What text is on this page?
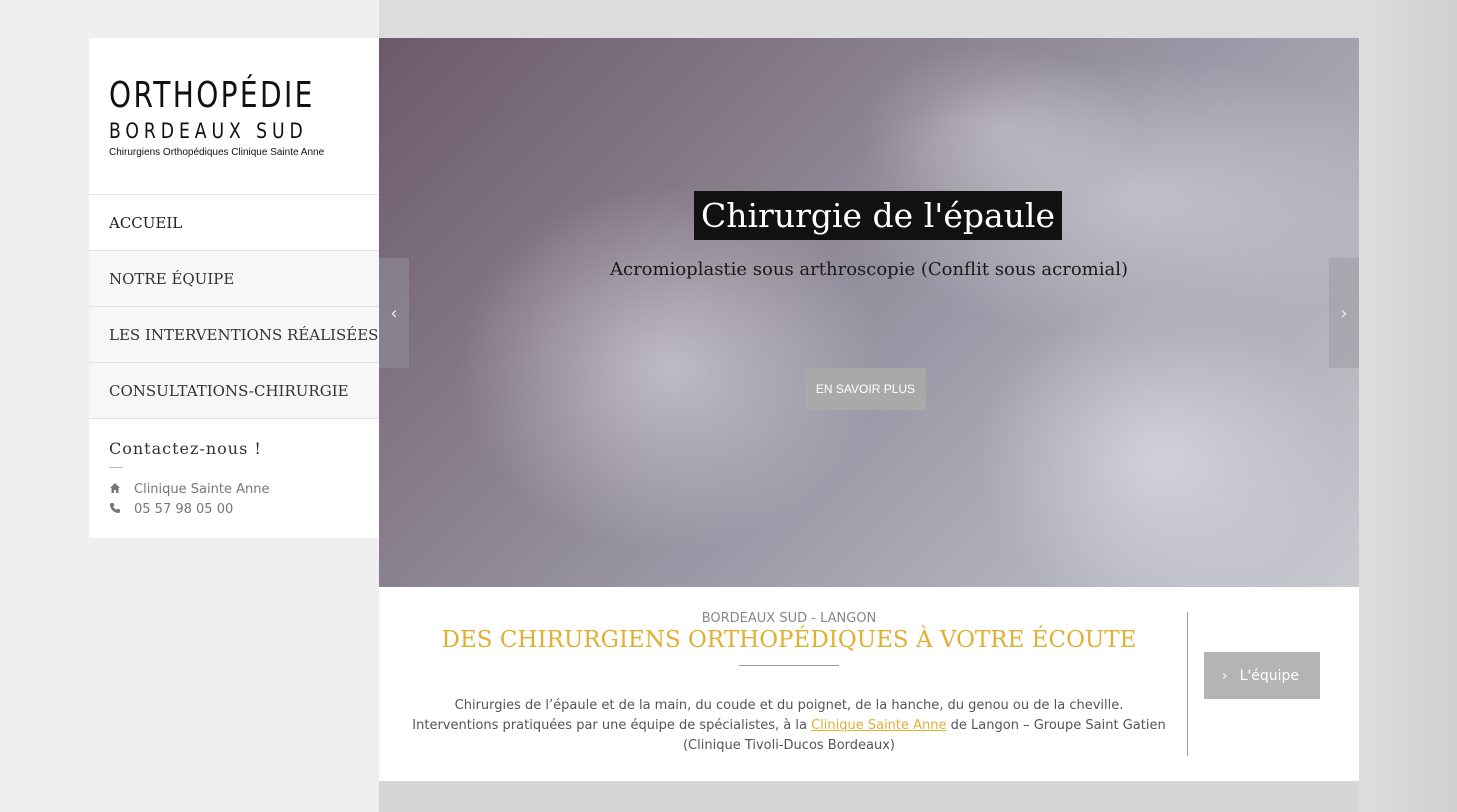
ORTHOPÉDIE
BORDEAUX SUD
Chirurgiens Orthopédiques Clinique Sainte Anne
ACCUEIL
NOTRE ÉQUIPE
LES INTERVENTIONS RÉALISÉES
CONSULTATIONS-CHIRURGIE
Contactez-nous !
Clinique Sainte Anne
05 57 98 05 00
Chirurgie de l'épaule
Acromioplastie sous arthroscopie (Conflit sous acromial)
EN SAVOIR PLUS
‹	›
BORDEAUX SUD - LANGON
DES CHIRURGIENS ORTHOPÉDIQUES À VOTRE ÉCOUTE
Chirurgies de l’épaule et de la main, du coude et du poignet, de la hanche, du genou ou de la cheville.
Interventions pratiquées par une équipe de spécialistes, à la Clinique Sainte Anne de Langon – Groupe Saint Gatien
(Clinique Tivoli-Ducos Bordeaux)
› L'équipe
